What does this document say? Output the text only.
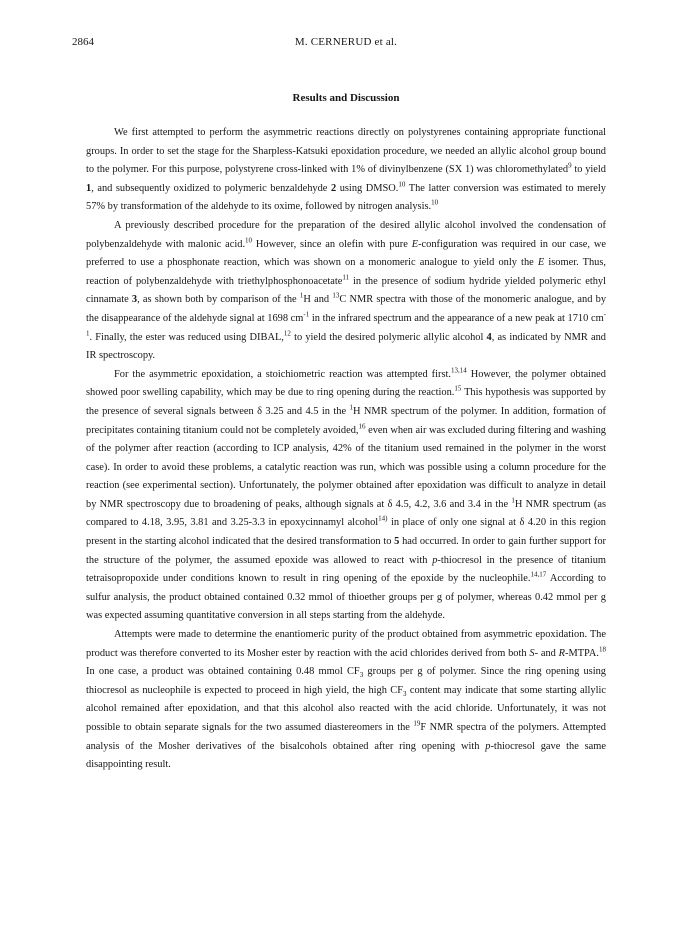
2864	M. CERNERUD et al.
Results and Discussion

We first attempted to perform the asymmetric reactions directly on polystyrenes containing appropriate functional groups. In order to set the stage for the Sharpless-Katsuki epoxidation procedure, we needed an allylic alcohol group bound to the polymer. For this purpose, polystyrene cross-linked with 1% of divinylbenzene (SX 1) was chloromethylated$^9$ to yield 1, and subsequently oxidized to polymeric benzaldehyde 2 using DMSO.$^{10}$ The latter conversion was estimated to merely 57% by transformation of the aldehyde to its oxime, followed by nitrogen analysis.$^{10}$

A previously described procedure for the preparation of the desired allylic alcohol involved the condensation of polybenzaldehyde with malonic acid.$^{10}$ However, since an olefin with pure E-configuration was required in our case, we preferred to use a phosphonate reaction, which was shown on a monomeric analogue to yield only the E isomer. Thus, reaction of polybenzaldehyde with triethylphosphonoacetate$^{11}$ in the presence of sodium hydride yielded polymeric ethyl cinnamate 3, as shown both by comparison of the $^1$H and $^{13}$C NMR spectra with those of the monomeric analogue, and by the disappearance of the aldehyde signal at 1698 $cm^{-1}$ in the infrared spectrum and the appearance of a new peak at 1710 $cm^{-1}$. Finally, the ester was reduced using DIBAL,$^{12}$ to yield the desired polymeric allylic alcohol 4, as indicated by NMR and IR spectroscopy.

For the asymmetric epoxidation, a stoichiometric reaction was attempted first.$^{13,14}$ However, the polymer obtained showed poor swelling capability, which may be due to ring opening during the reaction.$^{15}$ This hypothesis was supported by the presence of several signals between δ 3.25 and 4.5 in the $^1$H NMR spectrum of the polymer. In addition, formation of precipitates containing titanium could not be completely avoided,$^{16}$ even when air was excluded during filtering and washing of the polymer after reaction (according to ICP analysis, 42% of the titanium used remained in the polymer in the worst case). In order to avoid these problems, a catalytic reaction was run, which was possible using a column procedure for the reaction (see experimental section). Unfortunately, the polymer obtained after epoxidation was difficult to analyze in detail by NMR spectroscopy due to broadening of peaks, although signals at δ 4.5, 4.2, 3.6 and 3.4 in the $^1$H NMR spectrum (as compared to 4.18, 3.95, 3.81 and 3.25-3.3 in epoxycinnamyl alcohol$^{14)}$ in place of only one signal at δ 4.20 in this region present in the starting alcohol indicated that the desired transformation to 5 had occurred. In order to gain further support for the structure of the polymer, the assumed epoxide was allowed to react with p-thiocresol in the presence of titanium tetraisopropoxide under conditions known to result in ring opening of the epoxide by the nucleophile.$^{14,17}$ According to sulfur analysis, the product obtained contained 0.32 mmol of thioether groups per g of polymer, whereas 0.42 mmol per g was expected assuming quantitative conversion in all steps starting from the aldehyde.

Attempts were made to determine the enantiomeric purity of the product obtained from asymmetric epoxidation. The product was therefore converted to its Mosher ester by reaction with the acid chlorides derived from both S- and R-MTPA.$^{18}$ In one case, a product was obtained containing 0.48 mmol $CF_3$ groups per g of polymer. Since the ring opening using thiocresol as nucleophile is expected to proceed in high yield, the high $CF_3$ content may indicate that some starting allylic alcohol remained after epoxidation, and that this alcohol also reacted with the acid chloride. Unfortunately, it was not possible to obtain separate signals for the two assumed diastereomers in the $^{19}$F NMR spectra of the polymers. Attempted analysis of the Mosher derivatives of the bisalcohols obtained after ring opening with p-thiocresol gave the same disappointing result.
